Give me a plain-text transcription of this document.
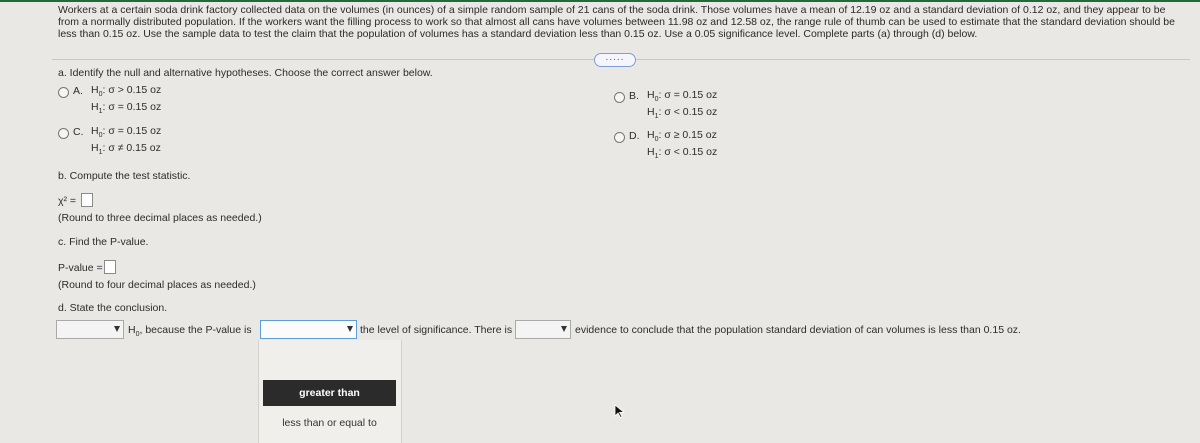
Workers at a certain soda drink factory collected data on the volumes (in ounces) of a simple random sample of 21 cans of the soda drink. Those volumes have a mean of 12.19 oz and a standard deviation of 0.12 oz, and they appear to be from a normally distributed population. If the workers want the filling process to work so that almost all cans have volumes between 11.98 oz and 12.58 oz, the range rule of thumb can be used to estimate that the standard deviation should be less than 0.15 oz. Use the sample data to test the claim that the population of volumes has a standard deviation less than 0.15 oz. Use a 0.05 significance level. Complete parts (a) through (d) below.
.....
a. Identify the null and alternative hypotheses. Choose the correct answer below.
A. $H_0$: σ > 0.15 oz
$H_1$: σ = 0.15 oz
B. $H_0$: σ = 0.15 oz
$H_1$: σ < 0.15 oz
C. $H_0$: σ = 0.15 oz
$H_1$: σ ≠ 0.15 oz
D. $H_0$: σ ≥ 0.15 oz
$H_1$: σ < 0.15 oz
b. Compute the test statistic.
χ² =
(Round to three decimal places as needed.)
c. Find the P-value.
P-value =
(Round to four decimal places as needed.)
d. State the conclusion.
$H_0$, because the P-value is	the level of significance. There is	evidence to conclude that the population standard deviation of can volumes is less than 0.15 oz.
greater than
less than or equal to
